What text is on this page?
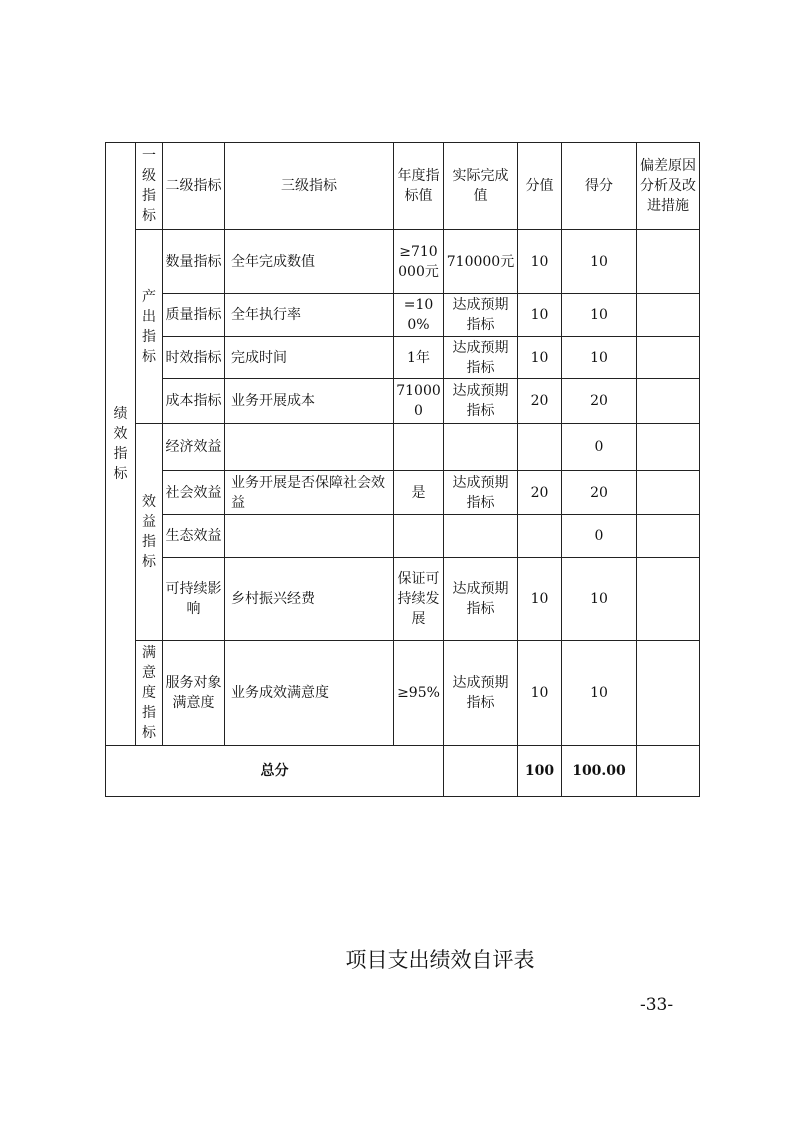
绩效指标	一级指标	二级指标	三级指标	年度指标值	实际完成值	分值	得分	偏差原因分析及改进措施
	产出指标	数量指标	全年完成数值	≥710000元	710000元	10	10	
		质量指标	全年执行率	=100%	达成预期指标	10	10	
		时效指标	完成时间	1年	达成预期指标	10	10	
		成本指标	业务开展成本	710000	达成预期指标	20	20	
	效益指标	经济效益					0	
		社会效益	业务开展是否保障社会效益	是	达成预期指标	20	20	
		生态效益					0	
		可持续影响	乡村振兴经费	保证可持续发展	达成预期指标	10	10	
	满意度指标	服务对象满意度	业务成效满意度	≥95%	达成预期指标	10	10	
总分						100	100.00	
项目支出绩效自评表
-33-
